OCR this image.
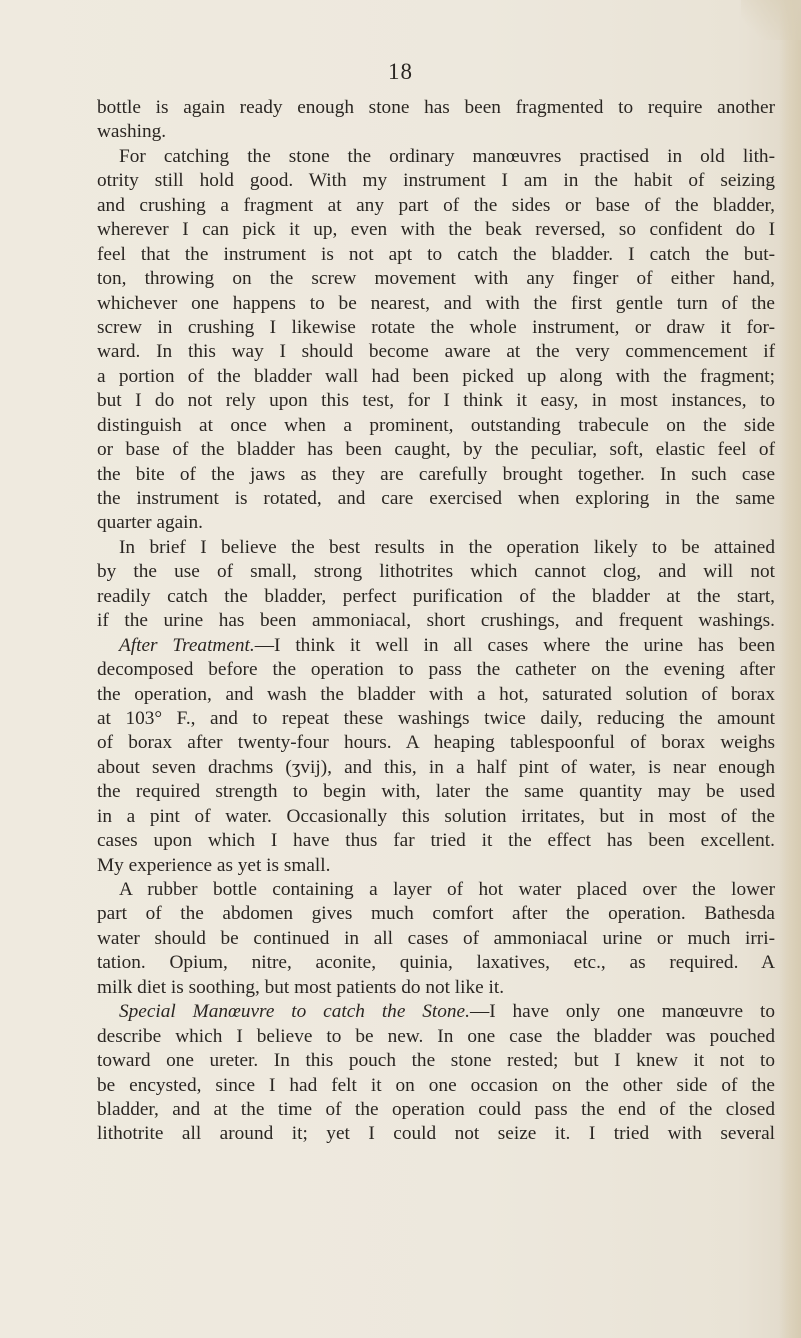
18
bottle is again ready enough stone has been fragmented to require another
washing.
For catching the stone the ordinary manœuvres practised in old lith-
otrity still hold good. With my instrument I am in the habit of seizing
and crushing a fragment at any part of the sides or base of the bladder,
wherever I can pick it up, even with the beak reversed, so confident do I
feel that the instrument is not apt to catch the bladder. I catch the but-
ton, throwing on the screw movement with any finger of either hand,
whichever one happens to be nearest, and with the first gentle turn of the
screw in crushing I likewise rotate the whole instrument, or draw it for-
ward. In this way I should become aware at the very commencement if
a portion of the bladder wall had been picked up along with the fragment;
but I do not rely upon this test, for I think it easy, in most instances, to
distinguish at once when a prominent, outstanding trabecule on the side
or base of the bladder has been caught, by the peculiar, soft, elastic feel of
the bite of the jaws as they are carefully brought together. In such case
the instrument is rotated, and care exercised when exploring in the same
quarter again.
In brief I believe the best results in the operation likely to be attained
by the use of small, strong lithotrites which cannot clog, and will not
readily catch the bladder, perfect purification of the bladder at the start,
if the urine has been ammoniacal, short crushings, and frequent washings.
After Treatment.—I think it well in all cases where the urine has been
decomposed before the operation to pass the catheter on the evening after
the operation, and wash the bladder with a hot, saturated solution of borax
at 103° F., and to repeat these washings twice daily, reducing the amount
of borax after twenty-four hours. A heaping tablespoonful of borax weighs
about seven drachms (ʒvij), and this, in a half pint of water, is near enough
the required strength to begin with, later the same quantity may be used
in a pint of water. Occasionally this solution irritates, but in most of the
cases upon which I have thus far tried it the effect has been excellent.
My experience as yet is small.
A rubber bottle containing a layer of hot water placed over the lower
part of the abdomen gives much comfort after the operation. Bathesda
water should be continued in all cases of ammoniacal urine or much irri-
tation. Opium, nitre, aconite, quinia, laxatives, etc., as required. A
milk diet is soothing, but most patients do not like it.
Special Manœuvre to catch the Stone.—I have only one manœuvre to
describe which I believe to be new. In one case the bladder was pouched
toward one ureter. In this pouch the stone rested; but I knew it not to
be encysted, since I had felt it on one occasion on the other side of the
bladder, and at the time of the operation could pass the end of the closed
lithotrite all around it; yet I could not seize it. I tried with several
